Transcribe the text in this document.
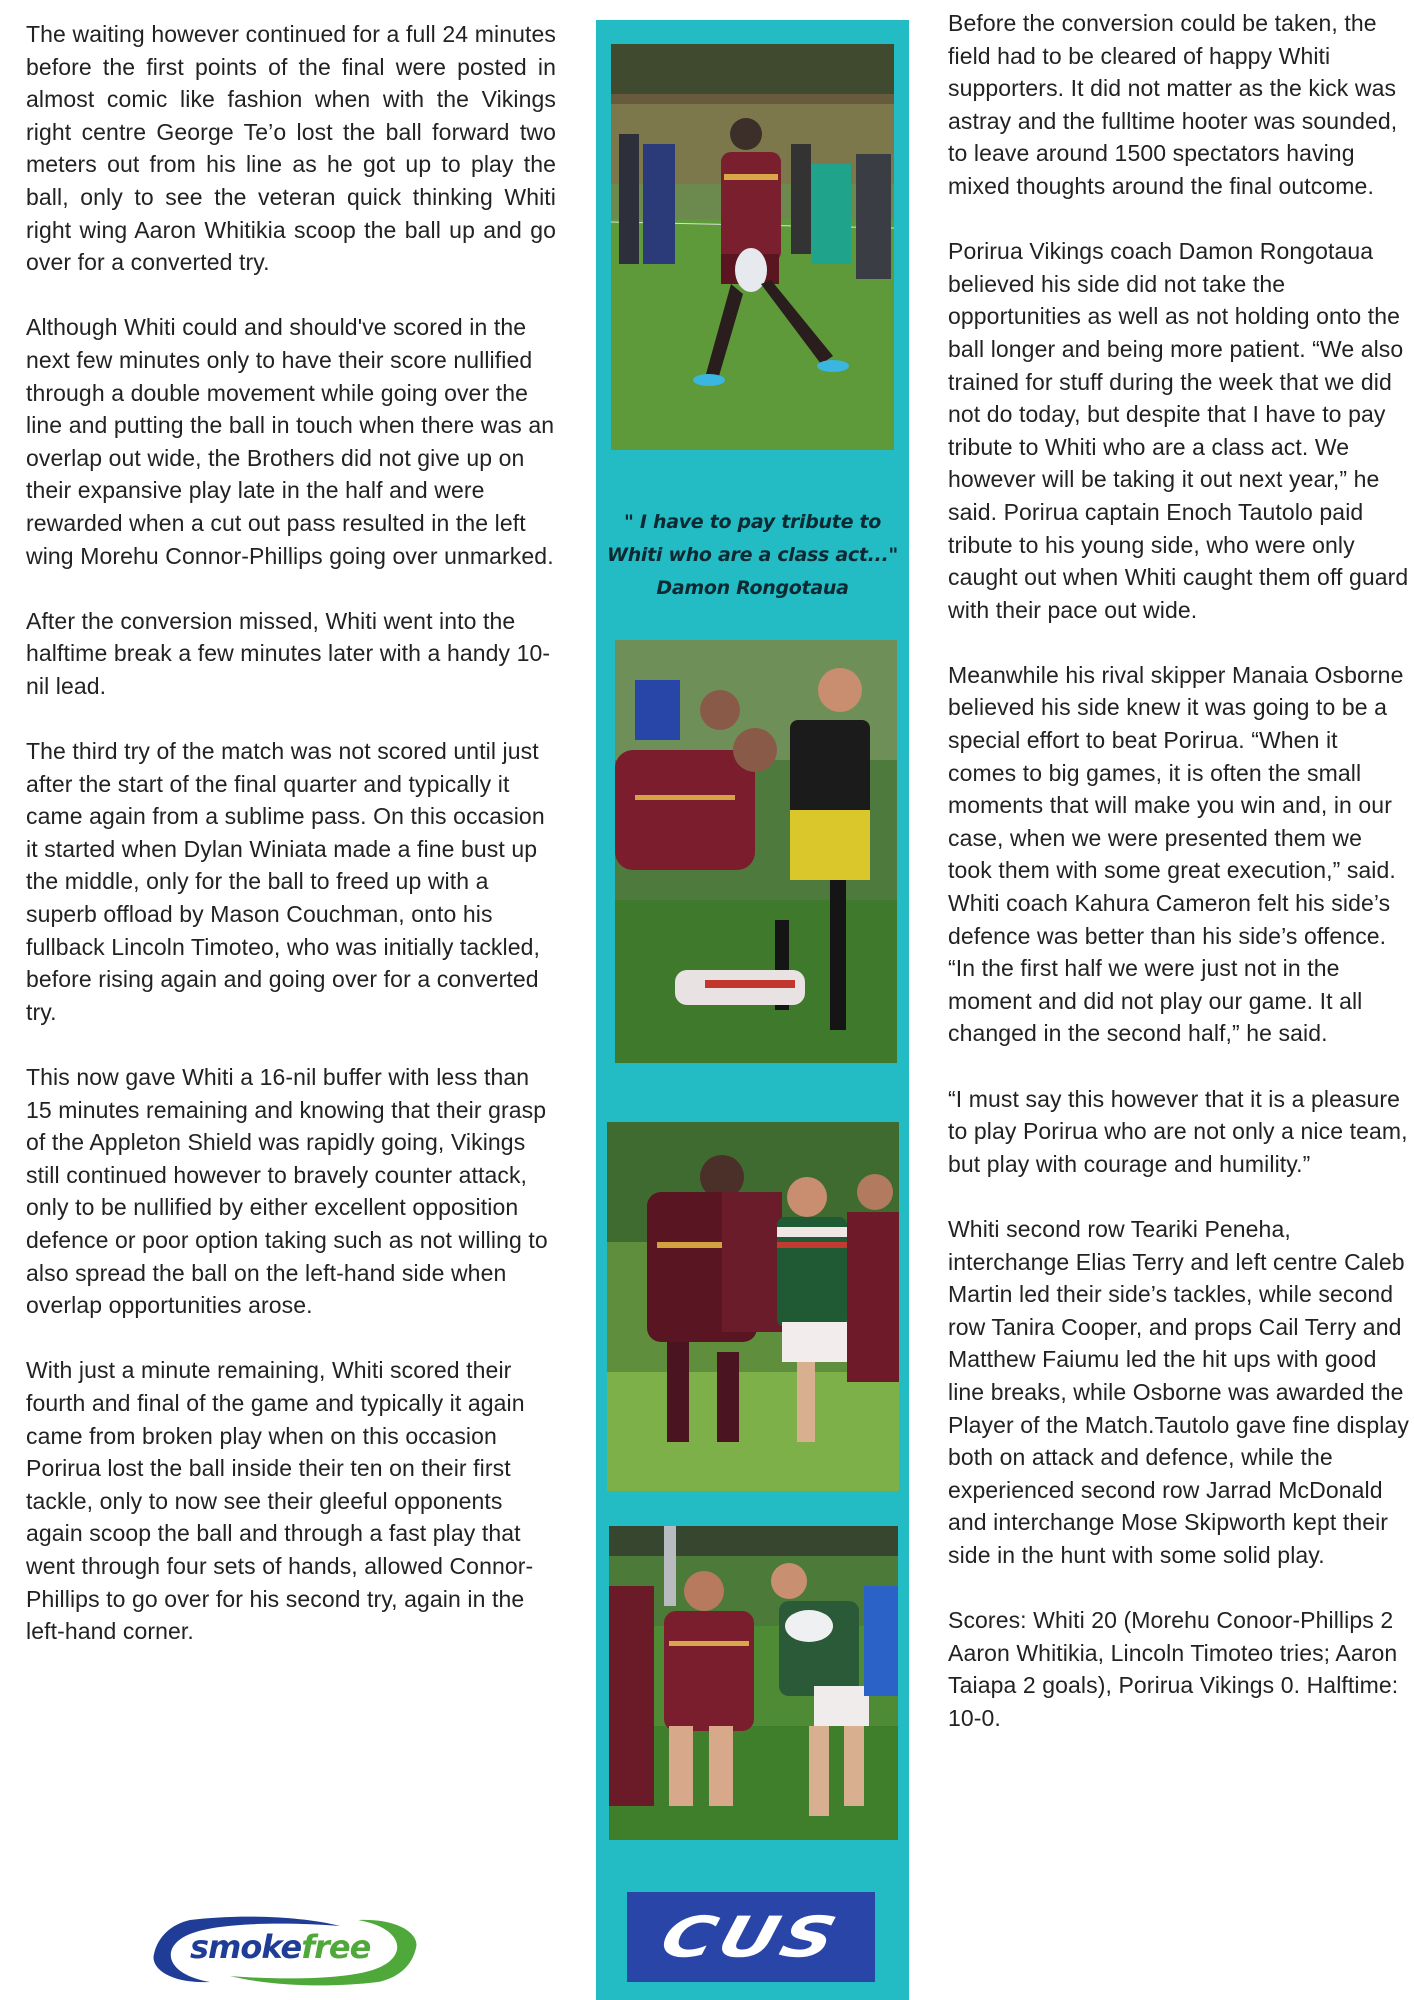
The waiting however continued for a full 24 minutes before the first points of the final were posted in almost comic like fashion when with the Vikings right centre George Te’o lost the ball forward two meters out from his line as he got up to play the ball, only to see the veteran quick thinking Whiti right wing Aaron Whitikia scoop the ball up and go over for a converted try.

Although Whiti could and should've scored in the next few minutes only to have their score nullified through a double movement while going over the line and putting the ball in touch when there was an overlap out wide, the Brothers did not give up on their expansive play late in the half and were rewarded when a cut out pass resulted in the left wing Morehu Connor-Phillips going over unmarked.

After the conversion missed, Whiti went into the halftime break a few minutes later with a handy 10-nil lead.

The third try of the match was not scored until just after the start of the final quarter and typically it came again from a sublime pass. On this occasion it started when Dylan Winiata made a fine bust up the middle, only for the ball to freed up with a superb offload by Mason Couchman, onto his fullback Lincoln Timoteo, who was initially tackled, before rising again and going over for a converted try.

This now gave Whiti a 16-nil buffer with less than 15 minutes remaining and knowing that their grasp of the Appleton Shield was rapidly going, Vikings still continued however to bravely counter attack, only to be nullified by either excellent opposition defence or poor option taking such as not willing to also spread the ball on the left-hand side when overlap opportunities arose.

With just a minute remaining, Whiti scored their fourth and final of the game and typically it again came from broken play when on this occasion Porirua lost the ball inside their ten on their first tackle, only to now see their gleeful opponents again scoop the ball and through a fast play that went through four sets of hands, allowed Connor-Phillips to go over for his second try, again in the left-hand corner.

smokefree
" I have to pay tribute to
Whiti who are a class act..."
Damon Rongotaua
CUS

Before the conversion could be taken, the field had to be cleared of happy Whiti supporters. It did not matter as the kick was astray and the fulltime hooter was sounded, to leave around 1500 spectators having mixed thoughts around the final outcome.

Porirua Vikings coach Damon Rongotaua believed his side did not take the opportunities as well as not holding onto the ball longer and being more patient. “We also trained for stuff during the week that we did not do today, but despite that I have to pay tribute to Whiti who are a class act. We however will be taking it out next year,” he said. Porirua captain Enoch Tautolo paid tribute to his young side, who were only caught out when Whiti caught them off guard with their pace out wide.

Meanwhile his rival skipper Manaia Osborne believed his side knew it was going to be a special effort to beat Porirua. “When it comes to big games, it is often the small moments that will make you win and, in our case, when we were presented them we took them with some great execution,” said. Whiti coach Kahura Cameron felt his side’s defence was better than his side’s offence. “In the first half we were just not in the moment and did not play our game. It all changed in the second half,” he said.

“I must say this however that it is a pleasure to play Porirua who are not only a nice team, but play with courage and humility.”

Whiti second row Teariki Peneha, interchange Elias Terry and left centre Caleb Martin led their side’s tackles, while second row Tanira Cooper, and props Cail Terry and Matthew Faiumu led the hit ups with good line breaks, while Osborne was awarded the Player of the Match.Tautolo gave fine display both on attack and defence, while the experienced second row Jarrad McDonald and interchange Mose Skipworth kept their side in the hunt with some solid play.

Scores: Whiti 20 (Morehu Conoor-Phillips 2 Aaron Whitikia, Lincoln Timoteo tries; Aaron Taiapa 2 goals), Porirua Vikings 0. Halftime: 10-0.
